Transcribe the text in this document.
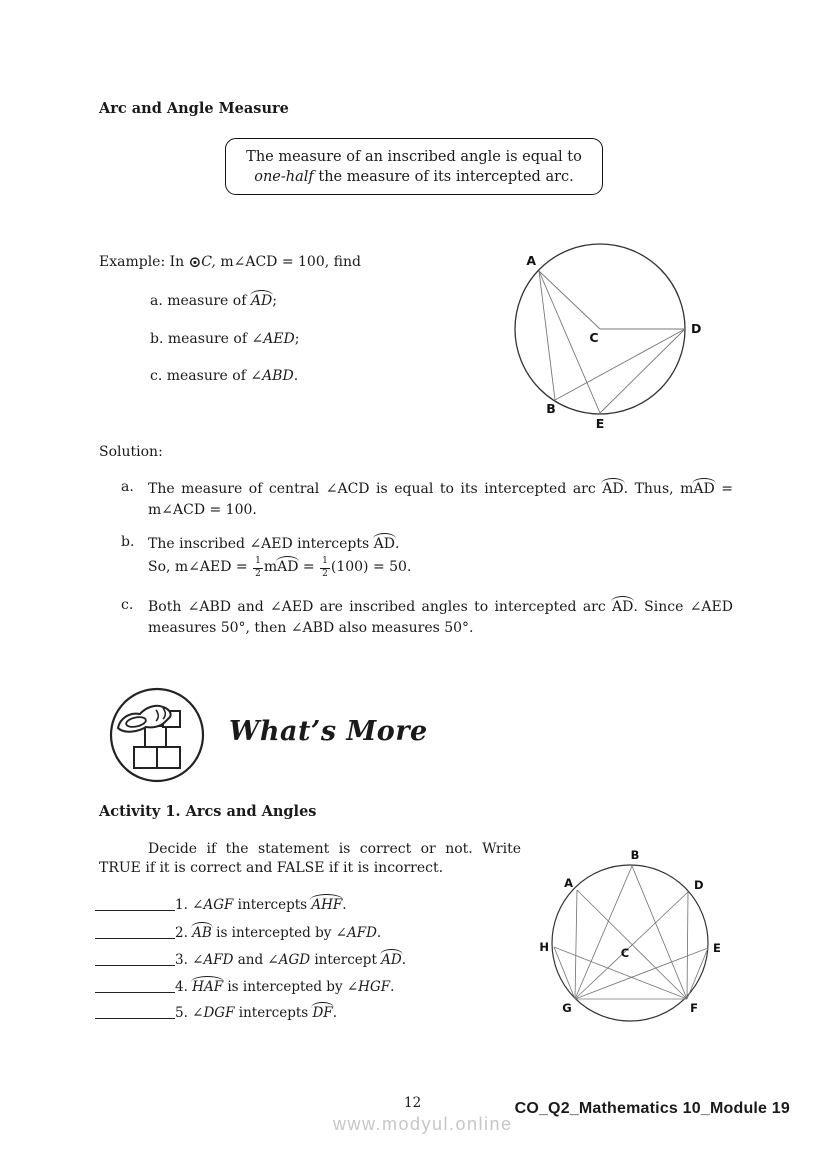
Arc and Angle Measure
The measure of an inscribed angle is equal to
one-half the measure of its intercepted arc.
Example: In ⊙C, m∠ACD = 100, find
a. measure of AD;
b. measure of ∠AED;
c. measure of ∠ABD.
A
D
C
B
E
Solution:
a. The measure of central ∠ACD is equal to its intercepted arc AD. Thus, mAD =
m∠ACD = 100.
b. The inscribed ∠AED intercepts AD.
So, m∠AED = $\frac{1}{2}$ mAD = $\frac{1}{2} (100) = 50$.
c. Both ∠ABD and ∠AED are inscribed angles to intercepted arc AD. Since ∠AED
measures 50°, then ∠ABD also measures 50°.
What’s More
Activity 1. Arcs and Angles
Decide if the statement is correct or not. Write
TRUE if it is correct and FALSE if it is incorrect.
1. ∠AGF intercepts AHF.
2. AB is intercepted by ∠AFD.
3. ∠AFD and ∠AGD intercept AD.
4. HAF is intercepted by ∠HGF.
5. ∠DGF intercepts DF.
B
A	D
H	E
C
G	F
12	CO_Q2_Mathematics 10_Module 19
www.modyul.online
